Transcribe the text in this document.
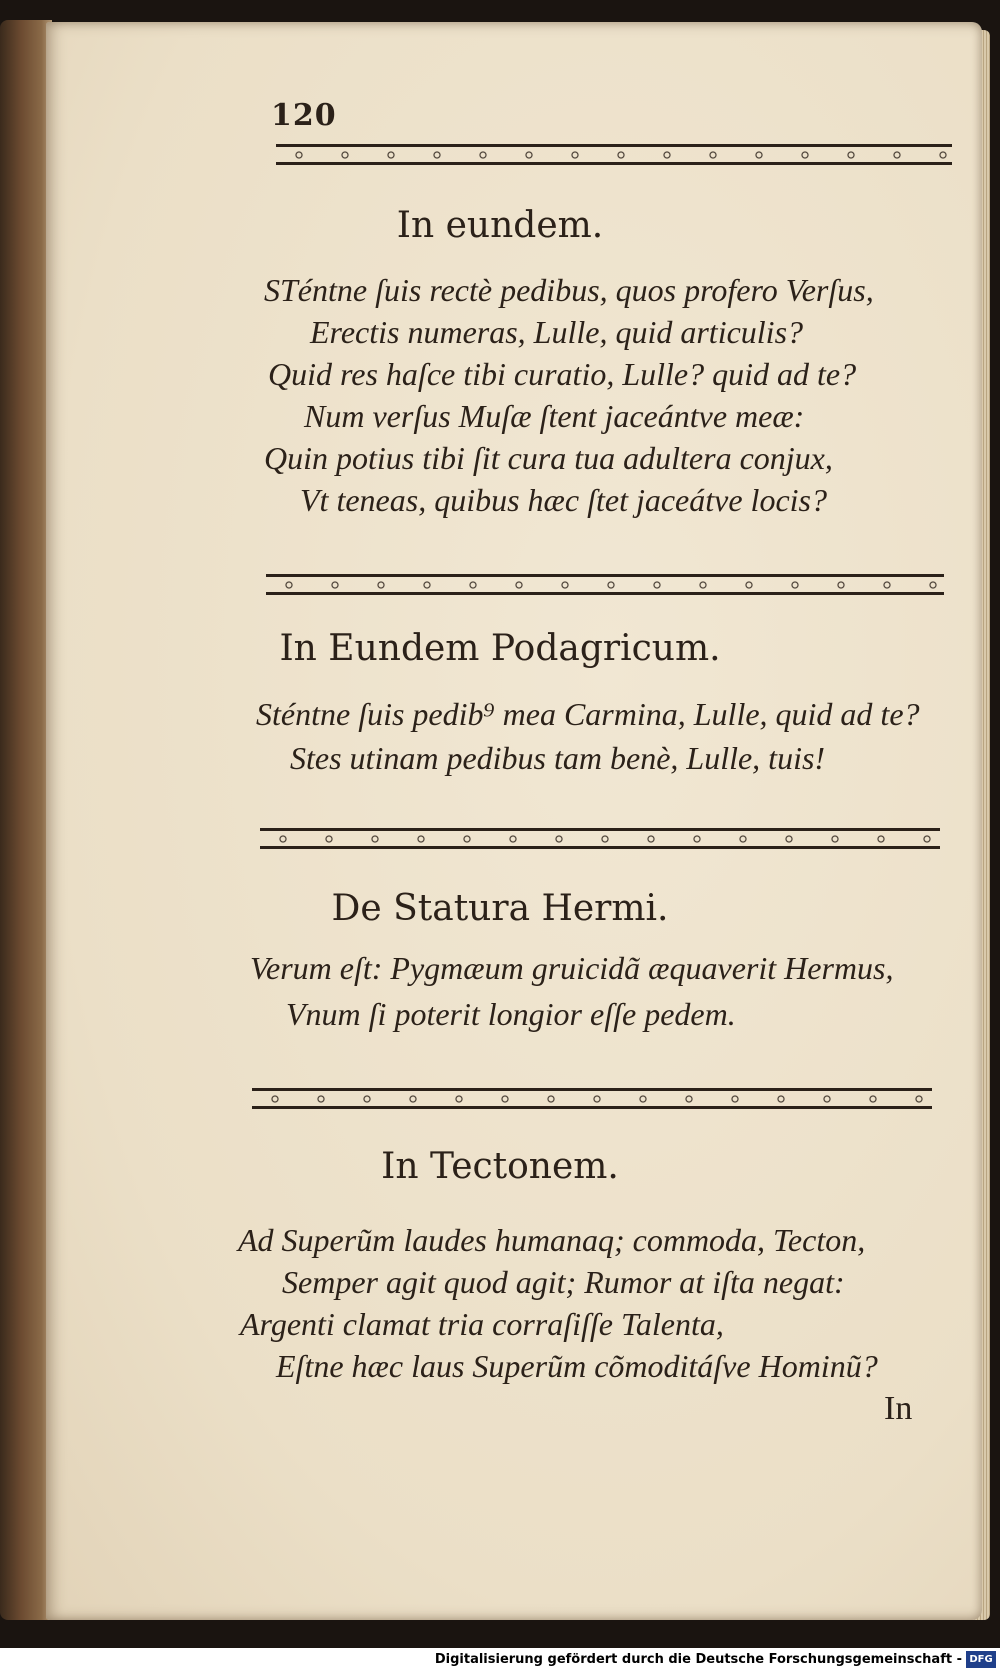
120
In eundem.
STéntne ſuis rectè pedibus, quos profero Verſus,
Erectis numeras, Lulle, quid articulis?
Quid res haſce tibi curatio, Lulle? quid ad te?
Num verſus Muſæ ſtent jaceántve meæ:
Quin potius tibi ſit cura tua adultera conjux,
Vt teneas, quibus hæc ſtet jaceátve locis?
In Eundem Podagricum.
Sténtne ſuis pedib⁹ mea Carmina, Lulle, quid ad te?
Stes utinam pedibus tam benè, Lulle, tuis!
De Statura Hermi.
Verum eſt: Pygmæum gruicidã æquaverit Hermus,
Vnum ſi poterit longior eſſe pedem.
In Tectonem.
Ad Superũm laudes humanaq; commoda, Tecton,
Semper agit quod agit; Rumor at iſta negat:
Argenti clamat tria corraſiſſe Talenta,
Eſtne hæc laus Superũm cõmoditáſve Hominũ?
In
Digitalisierung gefördert durch die Deutsche Forschungsgemeinschaft - DFG
